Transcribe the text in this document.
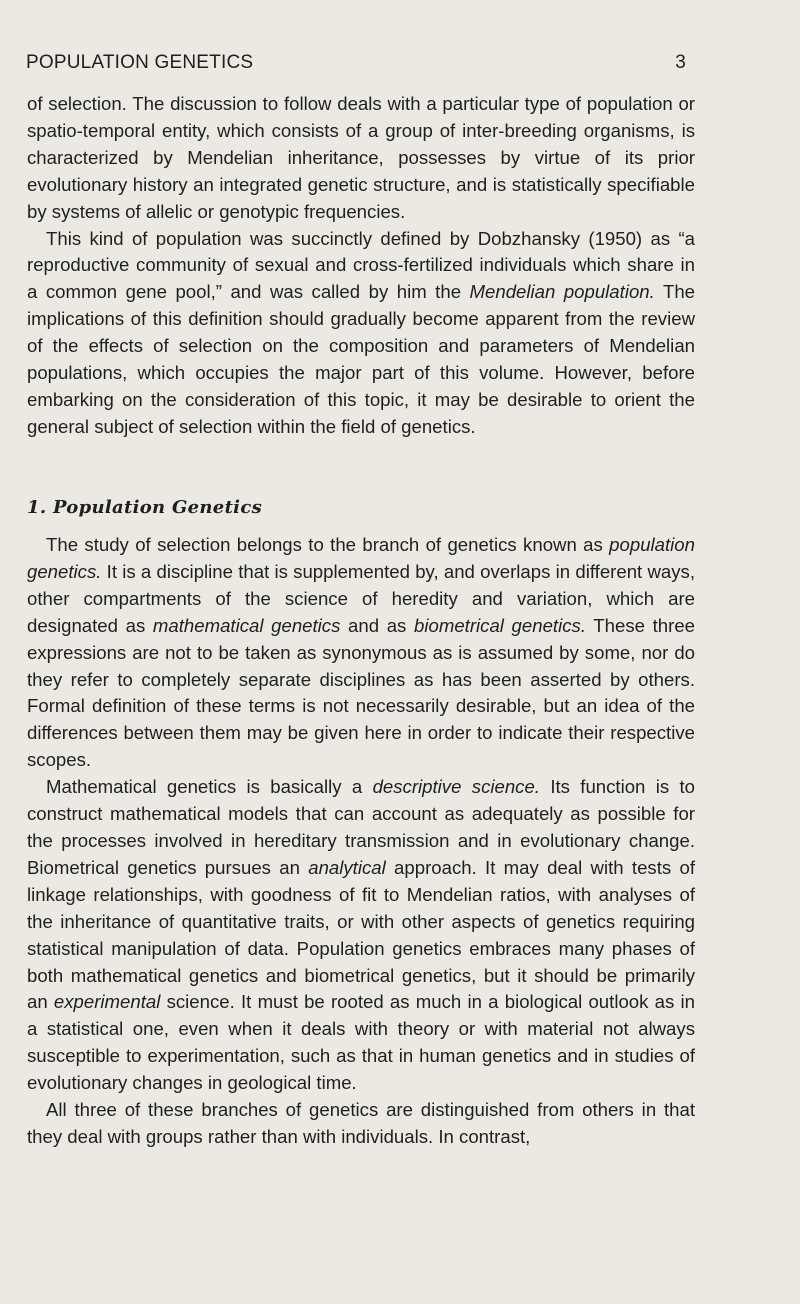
POPULATION GENETICS	3

of selection. The discussion to follow deals with a particular type of population or spatio-temporal entity, which consists of a group of inter-breeding organisms, is characterized by Mendelian inheritance, possesses by virtue of its prior evolutionary history an integrated genetic structure, and is statistically specifiable by systems of allelic or genotypic frequencies.

This kind of population was succinctly defined by Dobzhansky (1950) as “a reproductive community of sexual and cross-fertilized individuals which share in a common gene pool,” and was called by him the Mendelian population. The implications of this definition should gradually become apparent from the review of the effects of selection on the composition and parameters of Mendelian populations, which occupies the major part of this volume. However, before embarking on the consideration of this topic, it may be desirable to orient the general subject of selection within the field of genetics.

1. Population Genetics

The study of selection belongs to the branch of genetics known as population genetics. It is a discipline that is supplemented by, and overlaps in different ways, other compartments of the science of heredity and variation, which are designated as mathematical genetics and as biometrical genetics. These three expressions are not to be taken as synonymous as is assumed by some, nor do they refer to completely separate disciplines as has been asserted by others. Formal definition of these terms is not necessarily desirable, but an idea of the differences between them may be given here in order to indicate their respective scopes.

Mathematical genetics is basically a descriptive science. Its function is to construct mathematical models that can account as adequately as possible for the processes involved in hereditary transmission and in evolutionary change. Biometrical genetics pursues an analytical approach. It may deal with tests of linkage relationships, with goodness of fit to Mendelian ratios, with analyses of the inheritance of quantitative traits, or with other aspects of genetics requiring statistical manipulation of data. Population genetics embraces many phases of both mathematical genetics and biometrical genetics, but it should be primarily an experimental science. It must be rooted as much in a biological outlook as in a statistical one, even when it deals with theory or with material not always susceptible to experimentation, such as that in human genetics and in studies of evolutionary changes in geological time.

All three of these branches of genetics are distinguished from others in that they deal with groups rather than with individuals. In contrast,
